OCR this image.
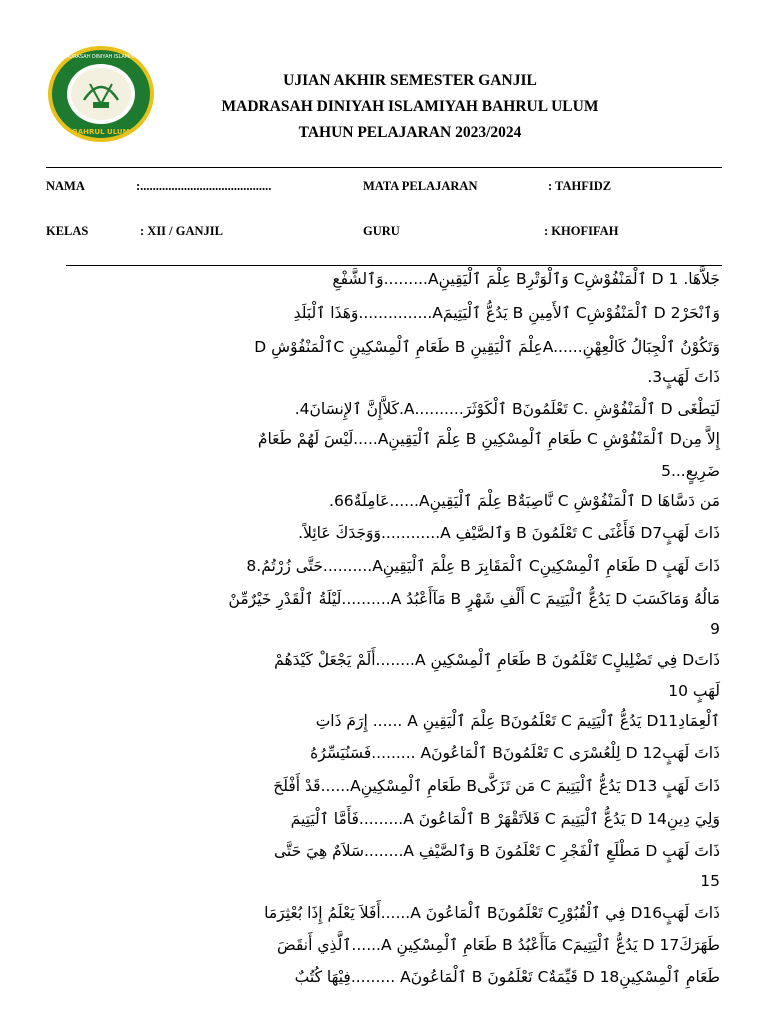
BAHRUL ULUM
MADRASAH DINIYAH ISLAMIYAH
UJIAN AKHIR SEMESTER GANJIL
MADRASAH DINIYAH ISLAMIYAH BAHRUL ULUM
TAHUN PELAJARAN 2023/2024
NAMA	:..........................................	MATA PELAJARAN	: TAHFIDZ
KELAS	: XII / GANJIL	GURU	: KHOFIFAH
جَلاَّهَا. 1 D ٱلْمَنْفُوْشِC وَٱلْوَتْرِB عِلْمَ ٱلْيَقِينِA.........وَٱلشَّفْعِ
وَٱنْحَرْ2 D ٱلْمَنْفُوْشِC ٱلأَمِينِ B يَدُعُّ ٱلْيَتِيمَA...............وَهَذَا ٱلْبَلَدِ
D ٱلْمَنْفُوْشِC طَعَامِ ٱلْمِسْكِينِ B عِلْمَ ٱلْيَقِينِA......وَتَكُوْنُ ٱلْجِبَالُ كَالْعِهْنِ
ذَاتَ لَهَبٍ3.
لَيَطْغَى D ٱلْمَنْفُوْشِ .C تَعْلَمُونَB ٱلْكَوْثَرَ..........A.كَلاَّإِنَّ ٱلإِنسَانَ4.
إِلاَّ مِنD ٱلْمَنْفُوْشِ C طَعَامِ ٱلْمِسْكِينِ B عِلْمَ ٱلْيَقِينِA.....لَيْسَ لَهُمْ طَعَامٌ
ضَرِيعٍ...5
مَن دَسَّاهَا D ٱلْمَنْفُوْشِ C نَّاصِبَةٌB عِلْمَ ٱلْيَقِينِA......عَامِلَةٌ66.
ذَاتَ لَهَبٍD7 فَأَغْنَى C تَعْلَمُونَ B وَٱلصَّيْفِ A............وَوَجَدَكَ عَائِلاً.
ذَاتَ لَهَبٍ D طَعَامِ ٱلْمِسْكِينِC ٱلْمَقَابِرَ B عِلْمَ ٱلْيَقِينِA..........حَتَّى زُرْتُمُ.8
مَالُهُ وَمَاكَسَبَ D يَدُعُّ ٱلْيَتِيمَ C أَلْفِ شَهْرٍ B مَآأَعْبُدُ A..........لَيْلَةُ ٱلْقَدْرِ خَيْرٌمِّنْ
9
ذَاتَD فِي تَضْلِيلٍC تَعْلَمُونَ B طَعَامِ ٱلْمِسْكِينِ A........أَلَمْ يَجْعَلْ كَيْدَهُمْ
لَهَبٍ 10
ٱلْعِمَادِD11 يَدُعُّ ٱلْيَتِيمَ C تَعْلَمُونَB عِلْمَ ٱلْيَقِينِ A ...... إِرَمَ ذَاتِ
ذَاتَ لَهَبٍD 12 لِلْعُسْرَى C تَعْلَمُونَB ٱلْمَاعُونَA .........فَسَنُيَسِّرُهُ
ذَاتَ لَهَبٍ D13 يَدُعُّ ٱلْيَتِيمَ C مَن تَزَكَّىB طَعَامِ ٱلْمِسْكِينِA......قَدْ أَفْلَحَ
وَلِيَ دِينِD 14 يَدُعُّ ٱلْيَتِيمَ C فَلاَتَقْهَرْ B ٱلْمَاعُونَ A.........فَأَمَّا ٱلْيَتِيمَ
ذَاتَ لَهَبٍ D مَطْلَعِ ٱلْفَجْرِ C تَعْلَمُونَ B وَٱلصَّيْفِ A........سَلاَمٌ هِيَ حَتَّى
15
ذَاتَ لَهَبٍD16 فِي ٱلْقُبُوْرِC تَعْلَمُونَB ٱلْمَاعُونَ A......أَفَلاَ يَعْلَمُ إِذَا بُعْثِرَمَا
طَهَرَكَ17 D يَدُعُّ ٱلْيَتِيمَC مَآأَعْبُدُ B طَعَامِ ٱلْمِسْكِينِ A......ٱلَّذِي أَنقَضَ
طَعَامِ ٱلْمِسْكِينِ18 D قَيِّمَةٌC تَعْلَمُونَ B ٱلْمَاعُونَA .........فِيْهَا كُتُبٌ
